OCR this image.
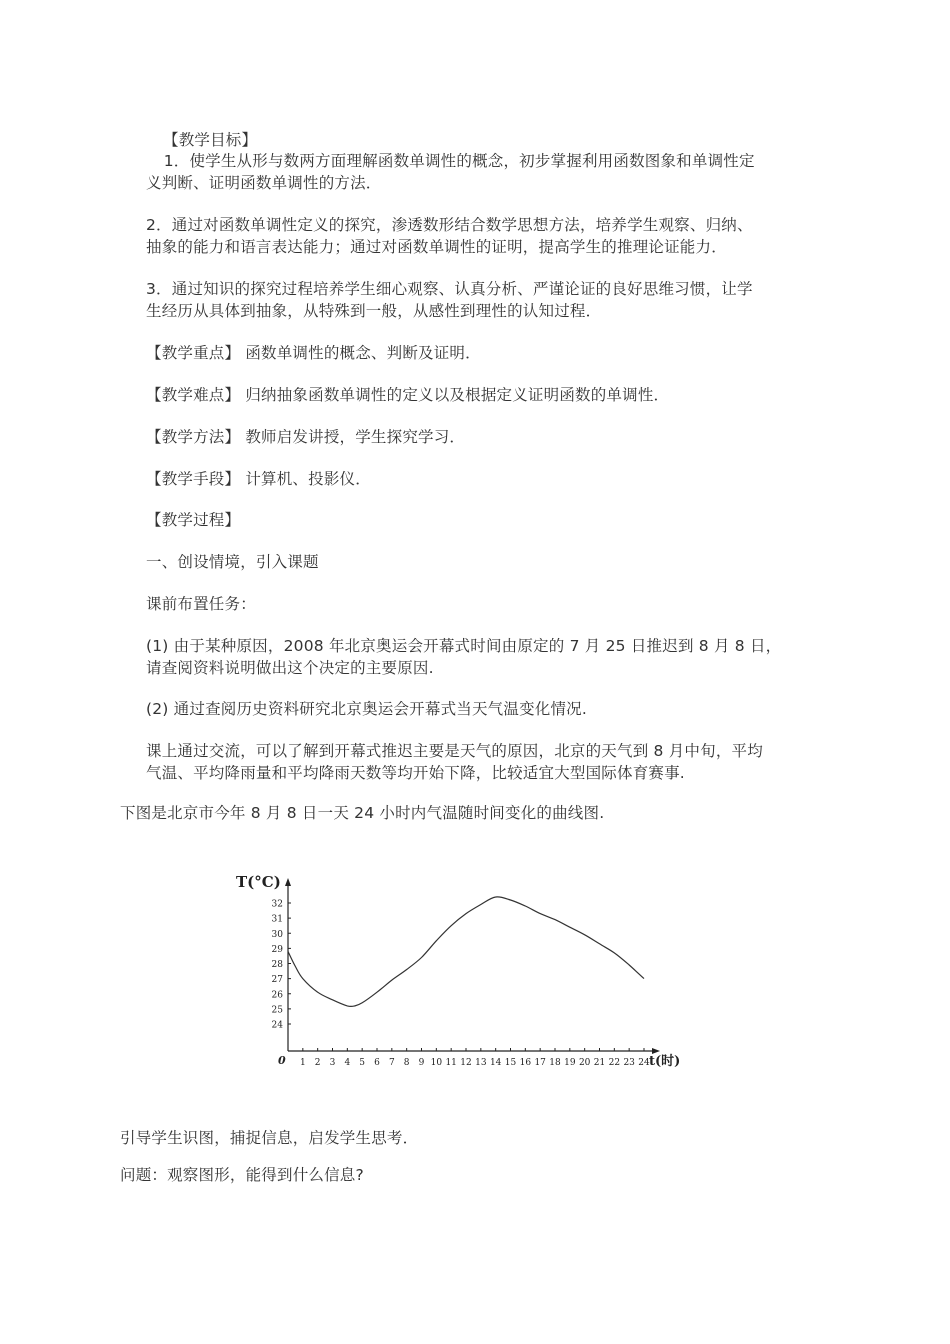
【教学目标】
　1．使学生从形与数两方面理解函数单调性的概念，初步掌握利用函数图象和单调性定
义判断、证明函数单调性的方法．
2．通过对函数单调性定义的探究，渗透数形结合数学思想方法，培养学生观察、归纳、
抽象的能力和语言表达能力；通过对函数单调性的证明，提高学生的推理论证能力．
3．通过知识的探究过程培养学生细心观察、认真分析、严谨论证的良好思维习惯，让学
生经历从具体到抽象，从特殊到一般，从感性到理性的认知过程．
【教学重点】 函数单调性的概念、判断及证明．
【教学难点】 归纳抽象函数单调性的定义以及根据定义证明函数的单调性．
【教学方法】 教师启发讲授，学生探究学习．
【教学手段】 计算机、投影仪．
【教学过程】
一、创设情境，引入课题
课前布置任务：
(1) 由于某种原因，2008 年北京奥运会开幕式时间由原定的 7 月 25 日推迟到 8 月 8 日，
请查阅资料说明做出这个决定的主要原因.
(2) 通过查阅历史资料研究北京奥运会开幕式当天气温变化情况.
课上通过交流，可以了解到开幕式推迟主要是天气的原因，北京的天气到 8 月中旬，平均
气温、平均降雨量和平均降雨天数等均开始下降，比较适宜大型国际体育赛事.
下图是北京市今年 8 月 8 日一天 24 小时内气温随时间变化的曲线图.
T(°C)
t(时)
0 1 2 3 4 5 6 7 8 9 10 11 12 13 14 15 16 17 18 19 20 21 22 23 24
24
25
26
27
28
29
30
31
32
引导学生识图，捕捉信息，启发学生思考．
问题：观察图形，能得到什么信息?
